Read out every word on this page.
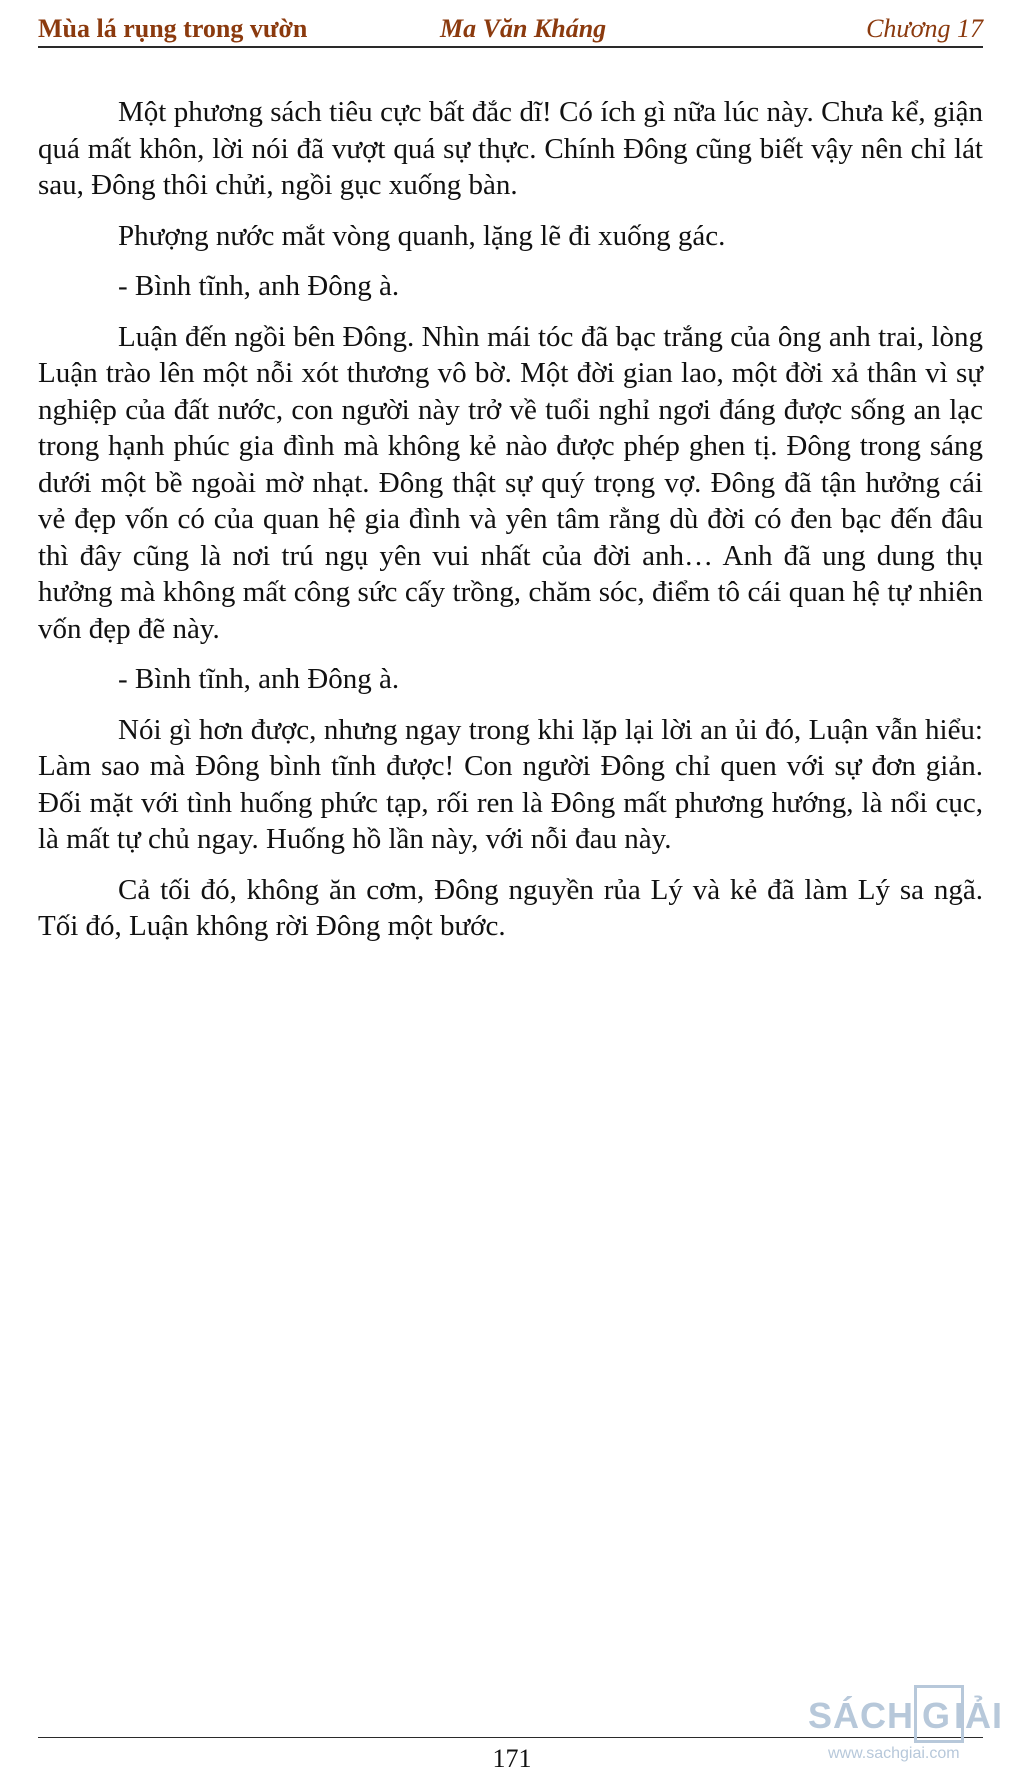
Mùa lá rụng trong vườn	Ma Văn Kháng	Chương 17

Một phương sách tiêu cực bất đắc dĩ! Có ích gì nữa lúc này. Chưa kể, giận quá mất khôn, lời nói đã vượt quá sự thực. Chính Đông cũng biết vậy nên chỉ lát sau, Đông thôi chửi, ngồi gục xuống bàn.

Phượng nước mắt vòng quanh, lặng lẽ đi xuống gác.

- Bình tĩnh, anh Đông à.

Luận đến ngồi bên Đông. Nhìn mái tóc đã bạc trắng của ông anh trai, lòng Luận trào lên một nỗi xót thương vô bờ. Một đời gian lao, một đời xả thân vì sự nghiệp của đất nước, con người này trở về tuổi nghỉ ngơi đáng được sống an lạc trong hạnh phúc gia đình mà không kẻ nào được phép ghen tị. Đông trong sáng dưới một bề ngoài mờ nhạt. Đông thật sự quý trọng vợ. Đông đã tận hưởng cái vẻ đẹp vốn có của quan hệ gia đình và yên tâm rằng dù đời có đen bạc đến đâu thì đây cũng là nơi trú ngụ yên vui nhất của đời anh… Anh đã ung dung thụ hưởng mà không mất công sức cấy trồng, chăm sóc, điểm tô cái quan hệ tự nhiên vốn đẹp đẽ này.

- Bình tĩnh, anh Đông à.

Nói gì hơn được, nhưng ngay trong khi lặp lại lời an ủi đó, Luận vẫn hiểu: Làm sao mà Đông bình tĩnh được! Con người Đông chỉ quen với sự đơn giản. Đối mặt với tình huống phức tạp, rối ren là Đông mất phương hướng, là nổi cục, là mất tự chủ ngay. Huống hồ lần này, với nỗi đau này.

Cả tối đó, không ăn cơm, Đông nguyền rủa Lý và kẻ đã làm Lý sa ngã. Tối đó, Luận không rời Đông một bước.

171
SÁCH G IẢI
www.sachgiai.com
